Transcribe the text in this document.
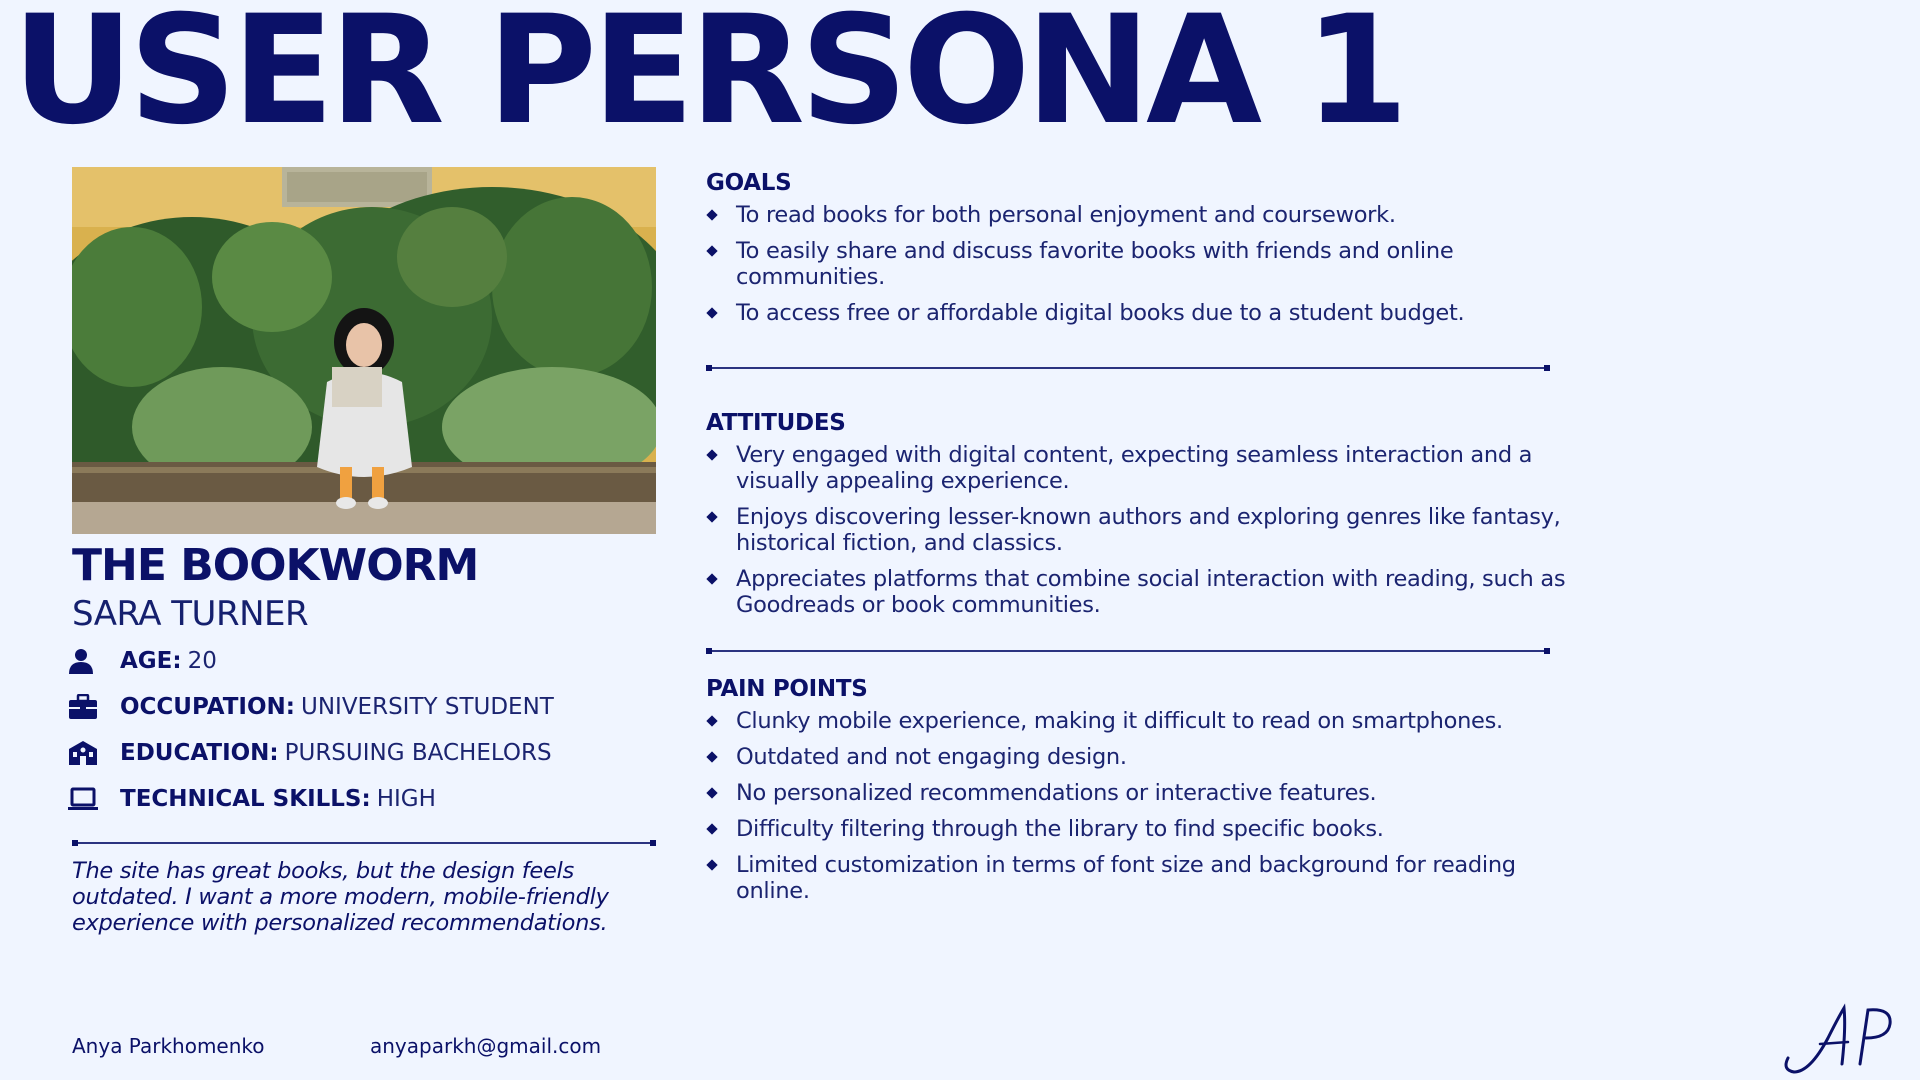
USER PERSONA 1
THE BOOKWORM
SARA TURNER
AGE: 20
OCCUPATION: UNIVERSITY STUDENT
EDUCATION: PURSUING BACHELORS
TECHNICAL SKILLS: HIGH
The site has great books, but the design feels outdated. I want a more modern, mobile-friendly experience with personalized recommendations.
GOALS
To read books for both personal enjoyment and coursework.
To easily share and discuss favorite books with friends and online communities.
To access free or affordable digital books due to a student budget.
ATTITUDES
Very engaged with digital content, expecting seamless interaction and a visually appealing experience.
Enjoys discovering lesser-known authors and exploring genres like fantasy, historical fiction, and classics.
Appreciates platforms that combine social interaction with reading, such as Goodreads or book communities.
PAIN POINTS
Clunky mobile experience, making it difficult to read on smartphones.
Outdated and not engaging design.
No personalized recommendations or interactive features.
Difficulty filtering through the library to find specific books.
Limited customization in terms of font size and background for reading online.
Anya Parkhomenko	anyaparkh@gmail.com
